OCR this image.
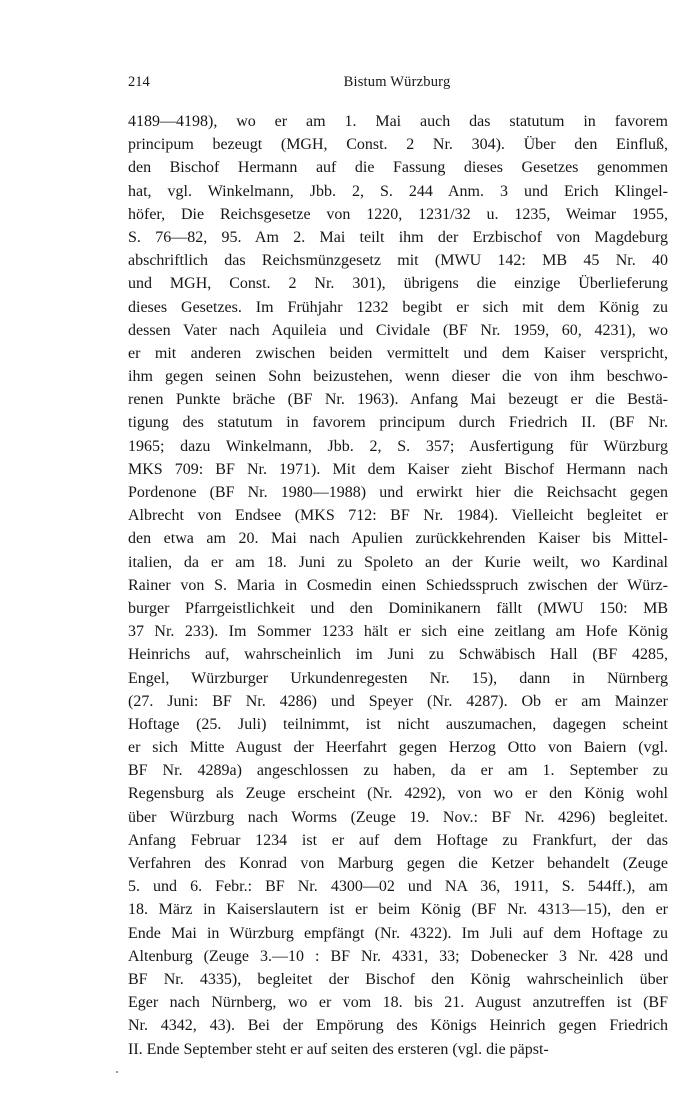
214	Bistum Würzburg
4189—4198), wo er am 1. Mai auch das statutum in favorem
principum bezeugt (MGH, Const. 2 Nr. 304). Über den Einfluß,
den Bischof Hermann auf die Fassung dieses Gesetzes genommen
hat, vgl. Winkelmann, Jbb. 2, S. 244 Anm. 3 und Erich Klingel-
höfer, Die Reichsgesetze von 1220, 1231/32 u. 1235, Weimar 1955,
S. 76—82, 95. Am 2. Mai teilt ihm der Erzbischof von Magdeburg
abschriftlich das Reichsmünzgesetz mit (MWU 142: MB 45 Nr. 40
und MGH, Const. 2 Nr. 301), übrigens die einzige Überlieferung
dieses Gesetzes. Im Frühjahr 1232 begibt er sich mit dem König zu
dessen Vater nach Aquileia und Cividale (BF Nr. 1959, 60, 4231), wo
er mit anderen zwischen beiden vermittelt und dem Kaiser verspricht,
ihm gegen seinen Sohn beizustehen, wenn dieser die von ihm beschwo-
renen Punkte bräche (BF Nr. 1963). Anfang Mai bezeugt er die Bestä-
tigung des statutum in favorem principum durch Friedrich II. (BF Nr.
1965; dazu Winkelmann, Jbb. 2, S. 357; Ausfertigung für Würzburg
MKS 709: BF Nr. 1971). Mit dem Kaiser zieht Bischof Hermann nach
Pordenone (BF Nr. 1980—1988) und erwirkt hier die Reichsacht gegen
Albrecht von Endsee (MKS 712: BF Nr. 1984). Vielleicht begleitet er
den etwa am 20. Mai nach Apulien zurückkehrenden Kaiser bis Mittel-
italien, da er am 18. Juni zu Spoleto an der Kurie weilt, wo Kardinal
Rainer von S. Maria in Cosmedin einen Schiedsspruch zwischen der Würz-
burger Pfarrgeistlichkeit und den Dominikanern fällt (MWU 150: MB
37 Nr. 233). Im Sommer 1233 hält er sich eine zeitlang am Hofe König
Heinrichs auf, wahrscheinlich im Juni zu Schwäbisch Hall (BF 4285,
Engel, Würzburger Urkundenregesten Nr. 15), dann in Nürnberg
(27. Juni: BF Nr. 4286) und Speyer (Nr. 4287). Ob er am Mainzer
Hoftage (25. Juli) teilnimmt, ist nicht auszumachen, dagegen scheint
er sich Mitte August der Heerfahrt gegen Herzog Otto von Baiern (vgl.
BF Nr. 4289a) angeschlossen zu haben, da er am 1. September zu
Regensburg als Zeuge erscheint (Nr. 4292), von wo er den König wohl
über Würzburg nach Worms (Zeuge 19. Nov.: BF Nr. 4296) begleitet.
Anfang Februar 1234 ist er auf dem Hoftage zu Frankfurt, der das
Verfahren des Konrad von Marburg gegen die Ketzer behandelt (Zeuge
5. und 6. Febr.: BF Nr. 4300—02 und NA 36, 1911, S. 544ff.), am
18. März in Kaiserslautern ist er beim König (BF Nr. 4313—15), den er
Ende Mai in Würzburg empfängt (Nr. 4322). Im Juli auf dem Hoftage zu
Altenburg (Zeuge 3.—10 : BF Nr. 4331, 33; Dobenecker 3 Nr. 428 und
BF Nr. 4335), begleitet der Bischof den König wahrscheinlich über
Eger nach Nürnberg, wo er vom 18. bis 21. August anzutreffen ist (BF
Nr. 4342, 43). Bei der Empörung des Königs Heinrich gegen Friedrich
II. Ende September steht er auf seiten des ersteren (vgl. die päpst-
